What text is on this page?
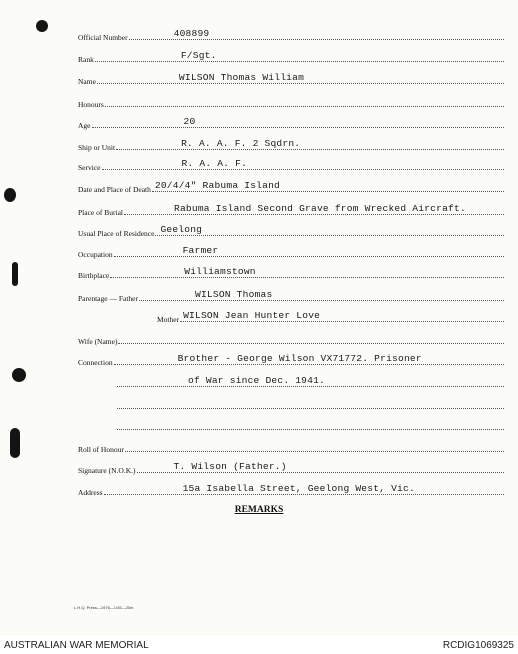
Official Number	408899
Rank	F/Sgt.
Name	WILSON Thomas William
Honours
Age	20
Ship or Unit	R. A. A. F. 2 Sqdrn.
Service	R. A. A. F.
Date and Place of Death 20/4/4" Rabuma Island
Place of Burial	Rabuma Island Second Grave from Wrecked Aircraft.
Usual Place of Residence Geelong
Occupation	Farmer
Birthplace	Williamstown
Parentage — Father	WILSON Thomas
Mother WILSON Jean Hunter Love
Wife (Name)
Connection	Brother - George Wilson VX71772. Prisoner
of War since Dec. 1941.
Roll of Honour
Signature (N.O.K.)	T. Wilson (Father.)
Address	15a Isabella Street, Geelong West, Vic.
REMARKS
L.H.Q. Press—1976—1/45—20m.
AUSTRALIAN WAR MEMORIAL	RCDIG1069325
